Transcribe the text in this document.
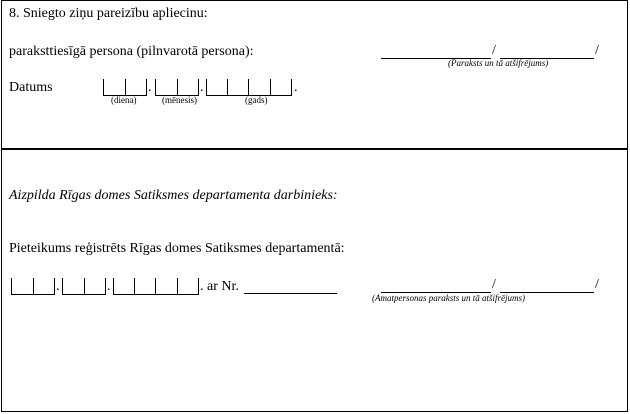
8. Sniegto ziņu pareizību apliecinu:
paraksttiesīgā persona (pilnvarotā persona):	/	/
(Paraksts un tā atšifrējums)
Datums	.	.	.
(diena)	(mēnesis)	(gads)
Aizpilda Rīgas domes Satiksmes departamenta darbinieks:
Pieteikums reģistrēts Rīgas domes Satiksmes departamentā:
.	.	. ar Nr.	/	/
(Amatpersonas paraksts un tā atšifrējums)
